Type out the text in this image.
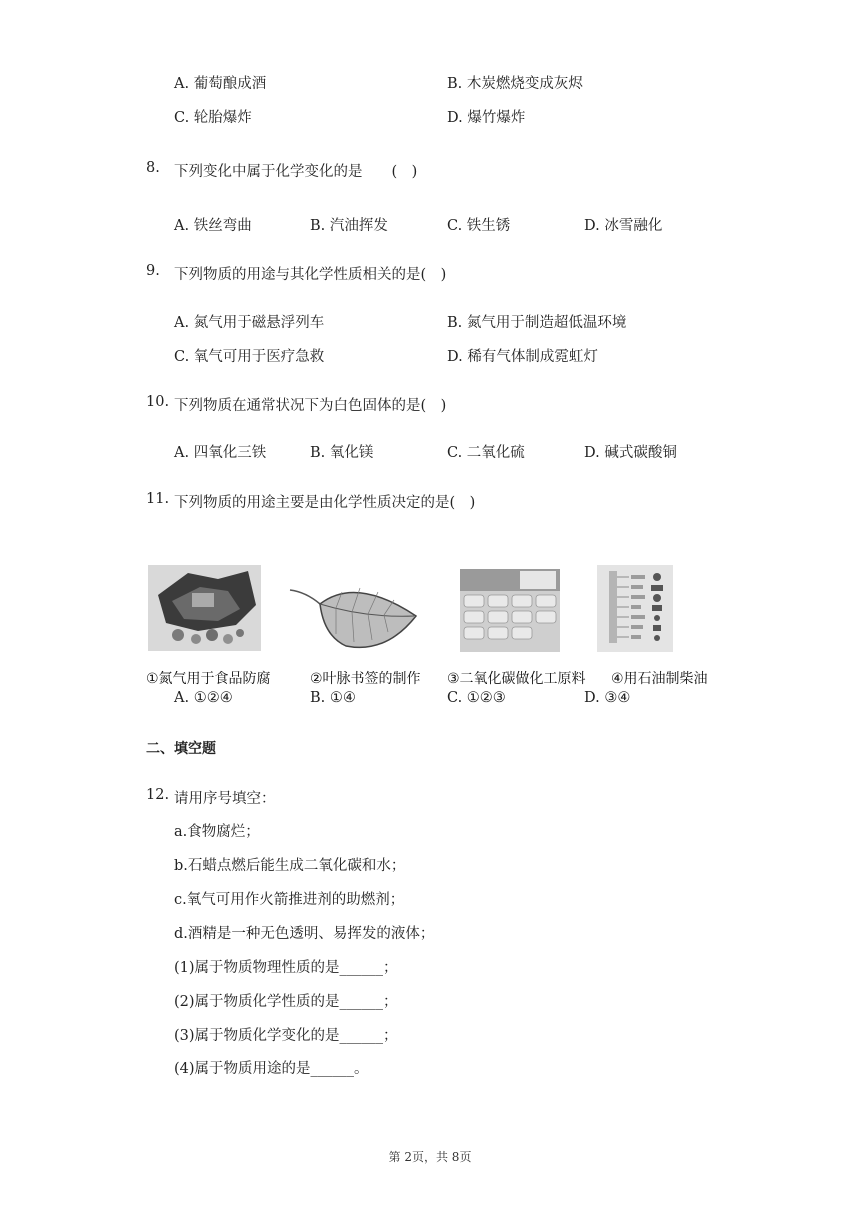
A. 葡萄酿成酒	B. 木炭燃烧变成灰烬
C. 轮胎爆炸	D. 爆竹爆炸
8. 下列变化中属于化学变化的是　　(　)
A. 铁丝弯曲	B. 汽油挥发	C. 铁生锈	D. 冰雪融化
9. 下列物质的用途与其化学性质相关的是(　)
A. 氮气用于磁悬浮列车	B. 氮气用于制造超低温环境
C. 氧气可用于医疗急救	D. 稀有气体制成霓虹灯
10. 下列物质在通常状况下为白色固体的是(　)
A. 四氧化三铁	B. 氧化镁	C. 二氧化硫	D. 碱式碳酸铜
11. 下列物质的用途主要是由化学性质决定的是(　)
①氮气用于食品防腐	②叶脉书签的制作 ③二氧化碳做化工原料 ④用石油制柴油
A. ①②④	B. ①④	C. ①②③	D. ③④
二、填空题
12. 请用序号填空：
a.食物腐烂；
b.石蜡点燃后能生成二氧化碳和水；
c.氧气可用作火箭推进剂的助燃剂；
d.酒精是一种无色透明、易挥发的液体；
(1)属于物质物理性质的是______；
(2)属于物质化学性质的是______；
(3)属于物质化学变化的是______；
(4)属于物质用途的是______。
第 2页，共 8页
